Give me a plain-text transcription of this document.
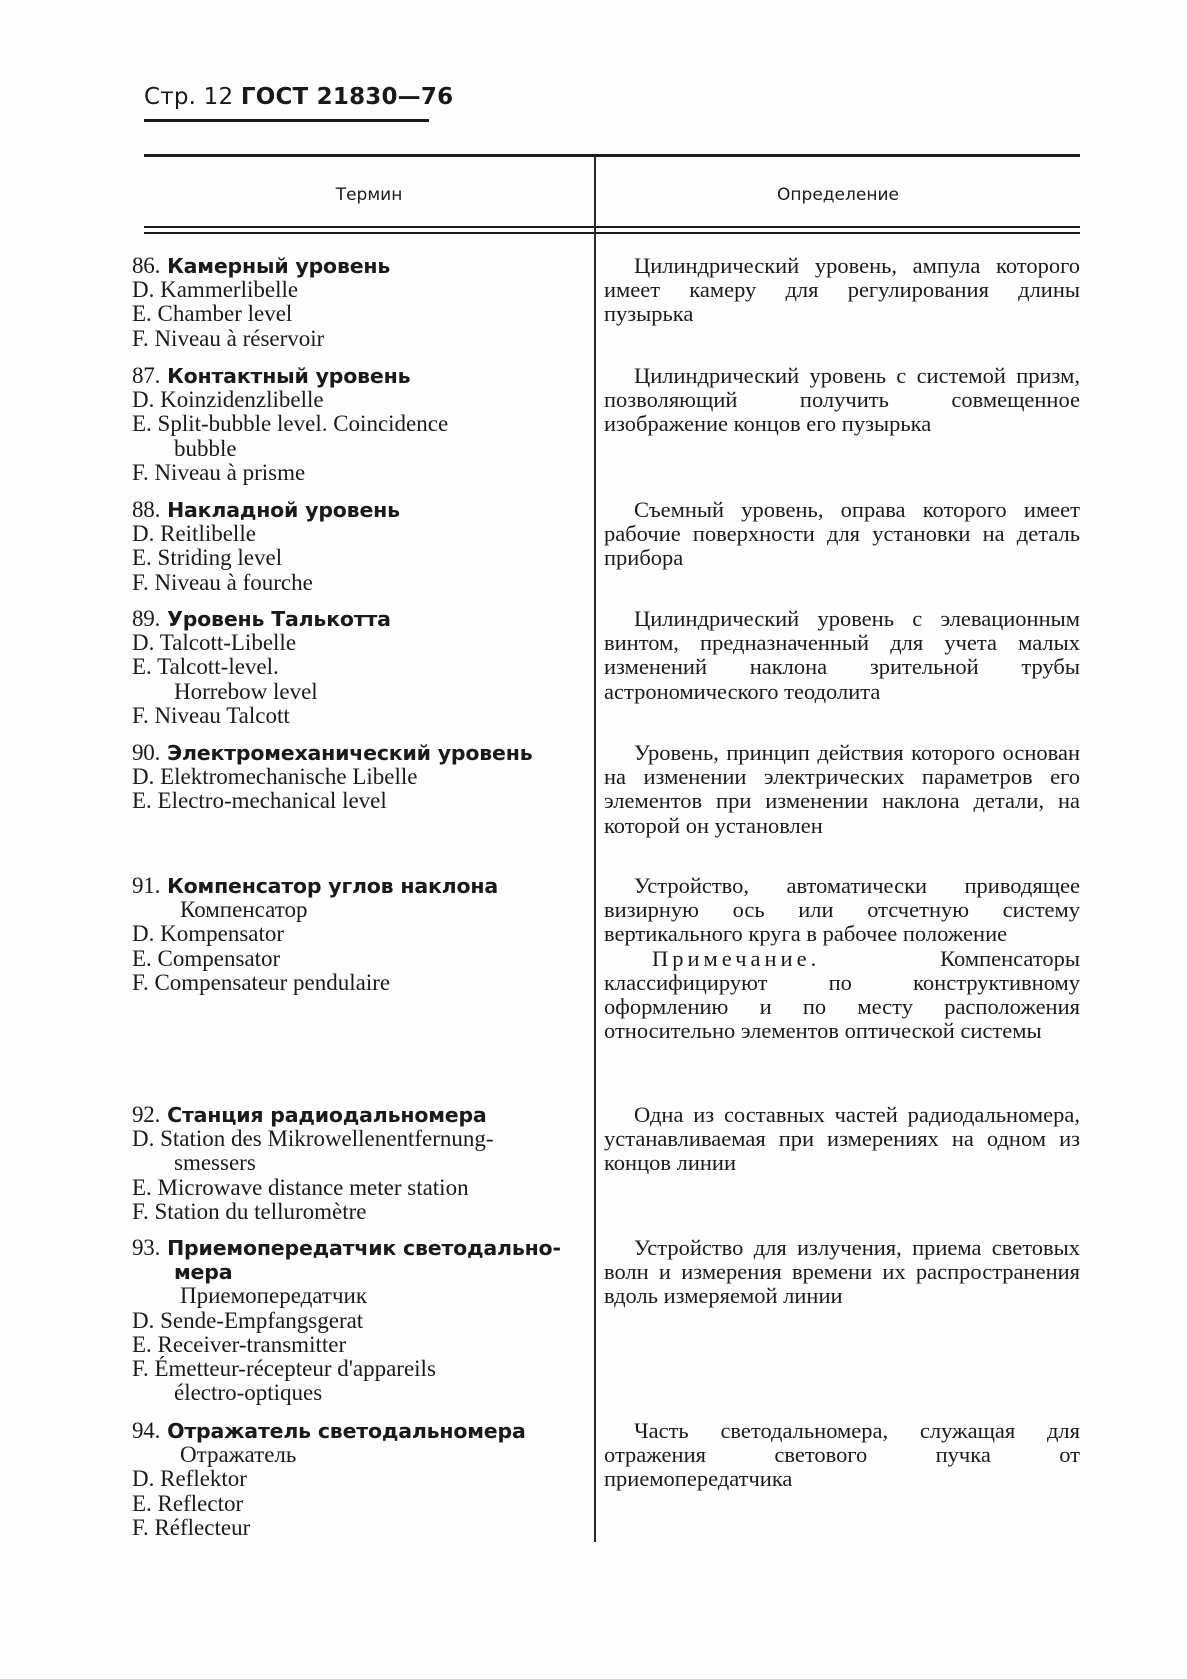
Стр. 12 ГОСТ 21830—76
Термин	Определение
86. Камерный уровень
D. Kammerlibelle
E. Chamber level
F. Niveau à réservoir

Цилиндрический уровень, ампула которого имеет камеру для регулирования длины пузырька

87. Контактный уровень
D. Koinzidenzlibelle
E. Split-bubble level. Coincidence
bubble
F. Niveau à prisme

Цилиндрический уровень с системой призм, позволяющий получить совмещенное изображение концов его пузырька

88. Накладной уровень
D. Reitlibelle
E. Striding level
F. Niveau à fourche

Съемный уровень, оправа которого имеет рабочие поверхности для установки на деталь прибора

89. Уровень Талькотта
D. Talcott-Libelle
E. Talcott-level.
Horrebow level
F. Niveau Talcott

Цилиндрический уровень с элевационным винтом, предназначенный для учета малых изменений наклона зрительной трубы астрономического теодолита

90. Электромеханический уровень
D. Elektromechanische Libelle
E. Electro-mechanical level

Уровень, принцип действия которого основан на изменении электрических параметров его элементов при изменении наклона детали, на которой он установлен

91. Компенсатор углов наклона
Компенсатор
D. Kompensator
E. Compensator
F. Compensateur pendulaire

Устройство, автоматически приводящее визирную ось или отсчетную систему вертикального круга в рабочее положение

Примечание.	Компенсаторы классифицируют по конструктивному оформлению и по месту расположения относительно элементов оптической системы

92. Станция радиодальномера
D. Station des Mikrowellenentfernung-
smessers
E. Microwave distance meter station
F. Station du telluromètre

Одна из составных частей радиодальномера, устанавливаемая при измерениях на одном из концов линии

93. Приемопередатчик светодально-
мера
Приемопередатчик
D. Sende-Empfangsgerat
E. Receiver-transmitter
F. Émetteur-récepteur d'appareils
électro-optiques

Устройство для излучения, приема световых волн и измерения времени их распространения вдоль измеряемой линии

94. Отражатель светодальномера
Отражатель
D. Reflektor
E. Reflector
F. Réflecteur

Часть светодальномера, служащая для отражения светового пучка от приемопередатчика
